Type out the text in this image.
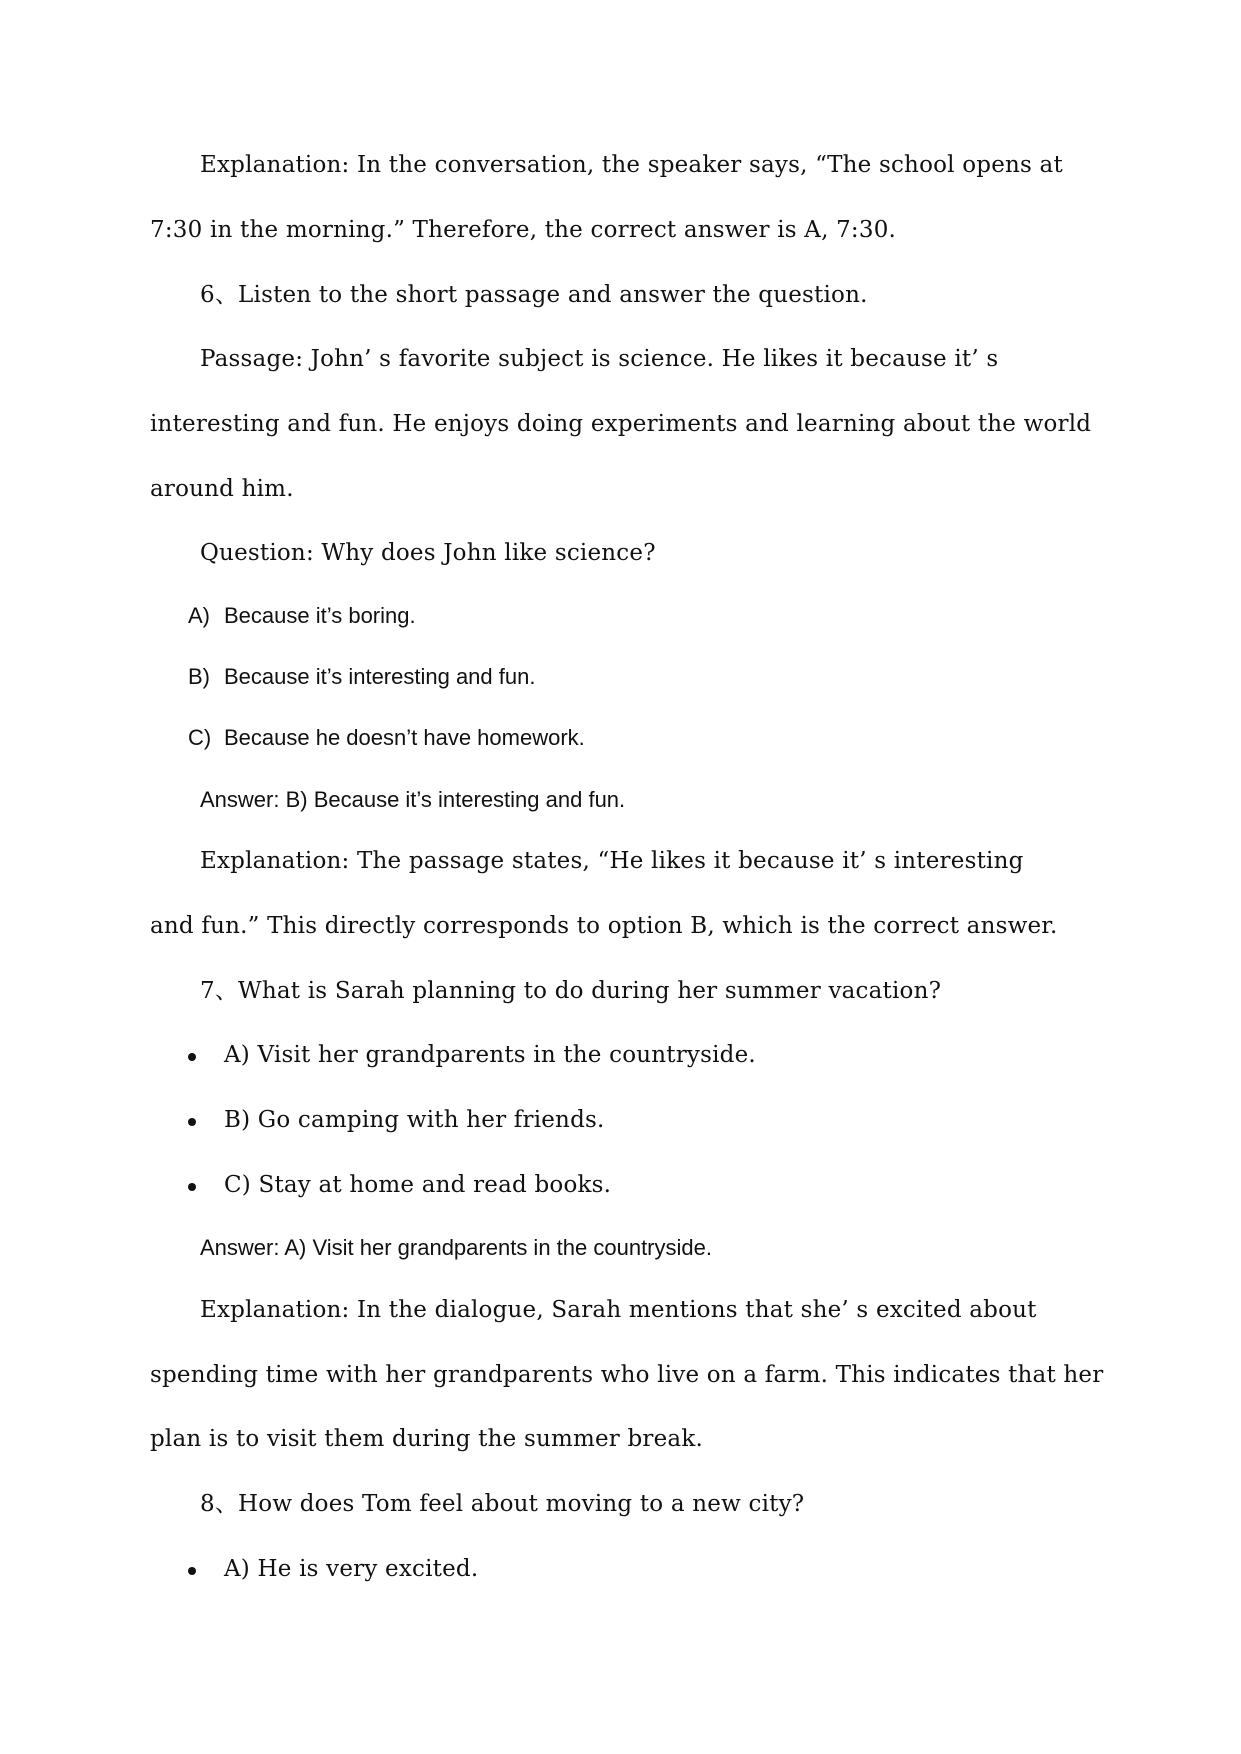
Explanation: In the conversation, the speaker says, “The school opens at
7:30 in the morning.” Therefore, the correct answer is A, 7:30.
6、Listen to the short passage and answer the question.
Passage: John’ s favorite subject is science. He likes it because it’ s
interesting and fun. He enjoys doing experiments and learning about the world
around him.
Question: Why does John like science?
A) Because it’s boring.
B) Because it’s interesting and fun.
C) Because he doesn’t have homework.
Answer: B) Because it’s interesting and fun.
Explanation: The passage states, “He likes it because it’ s interesting
and fun.” This directly corresponds to option B, which is the correct answer.
7、What is Sarah planning to do during her summer vacation?
A) Visit her grandparents in the countryside.
B) Go camping with her friends.
C) Stay at home and read books.
Answer: A) Visit her grandparents in the countryside.
Explanation: In the dialogue, Sarah mentions that she’ s excited about
spending time with her grandparents who live on a farm. This indicates that her
plan is to visit them during the summer break.
8、How does Tom feel about moving to a new city?
A) He is very excited.
